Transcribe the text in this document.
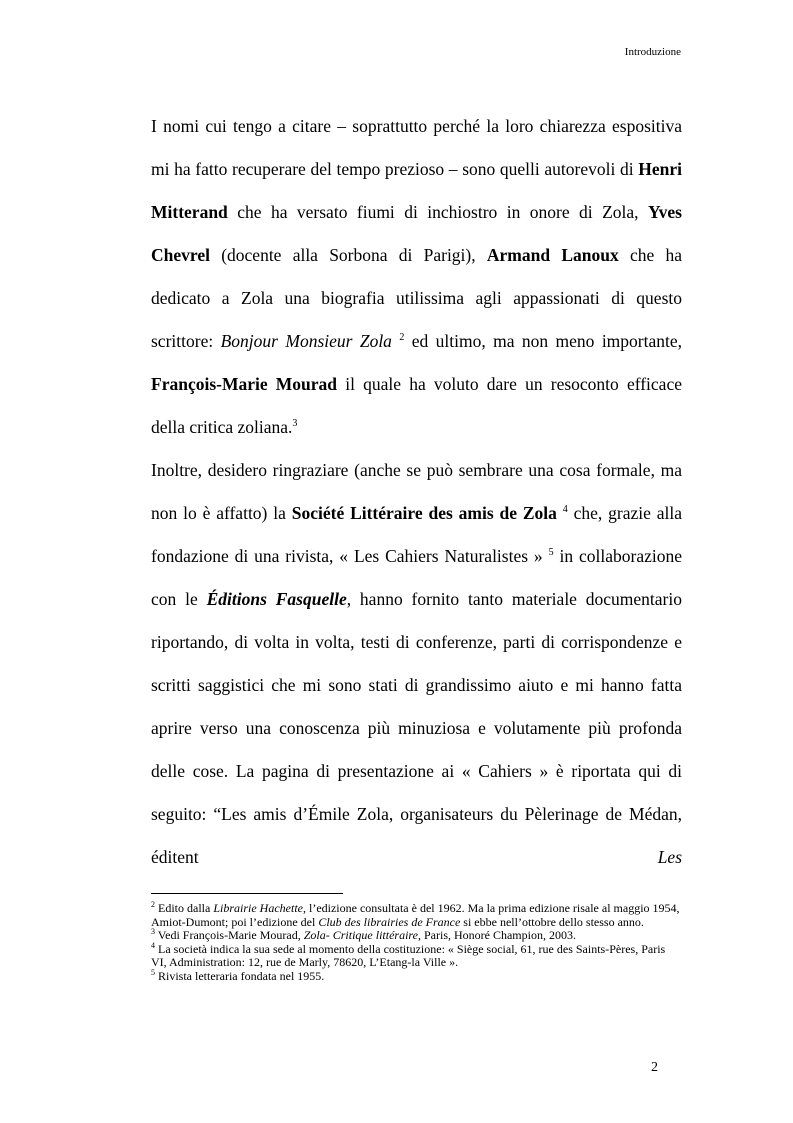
Introduzione

I nomi cui tengo a citare – soprattutto perché la loro chiarezza espositiva mi ha fatto recuperare del tempo prezioso – sono quelli autorevoli di Henri Mitterand che ha versato fiumi di inchiostro in onore di Zola, Yves Chevrel (docente alla Sorbona di Parigi), Armand Lanoux che ha dedicato a Zola una biografia utilissima agli appassionati di questo scrittore: Bonjour Monsieur Zola $^2$ ed ultimo, ma non meno importante, François-Marie Mourad il quale ha voluto dare un resoconto efficace della critica zoliana.$^3$

Inoltre, desidero ringraziare (anche se può sembrare una cosa formale, ma non lo è affatto) la Société Littéraire des amis de Zola $^4$ che, grazie alla fondazione di una rivista, « Les Cahiers Naturalistes » $^5$ in collaborazione con le Éditions Fasquelle, hanno fornito tanto materiale documentario riportando, di volta in volta, testi di conferenze, parti di corrispondenze e scritti saggistici che mi sono stati di grandissimo aiuto e mi hanno fatta aprire verso una conoscenza più minuziosa e volutamente più profonda delle cose. La pagina di presentazione ai « Cahiers » è riportata qui di seguito: “Les amis d’Émile Zola, organisateurs du Pèlerinage de Médan, éditent Les

$^2$ Edito dalla Librairie Hachette, l’edizione consultata è del 1962. Ma la prima edizione risale al maggio 1954, Amiot-Dumont; poi l’edizione del Club des librairies de France si ebbe nell’ottobre dello stesso anno.

$^3$ Vedi François-Marie Mourad, Zola- Critique littéraire, Paris, Honoré Champion, 2003.

$^4$ La società indica la sua sede al momento della costituzione: « Siège social, 61, rue des Saints-Pères, Paris VI, Administration: 12, rue de Marly, 78620, L’Etang-la Ville ».

$^5$ Rivista letteraria fondata nel 1955.

2
